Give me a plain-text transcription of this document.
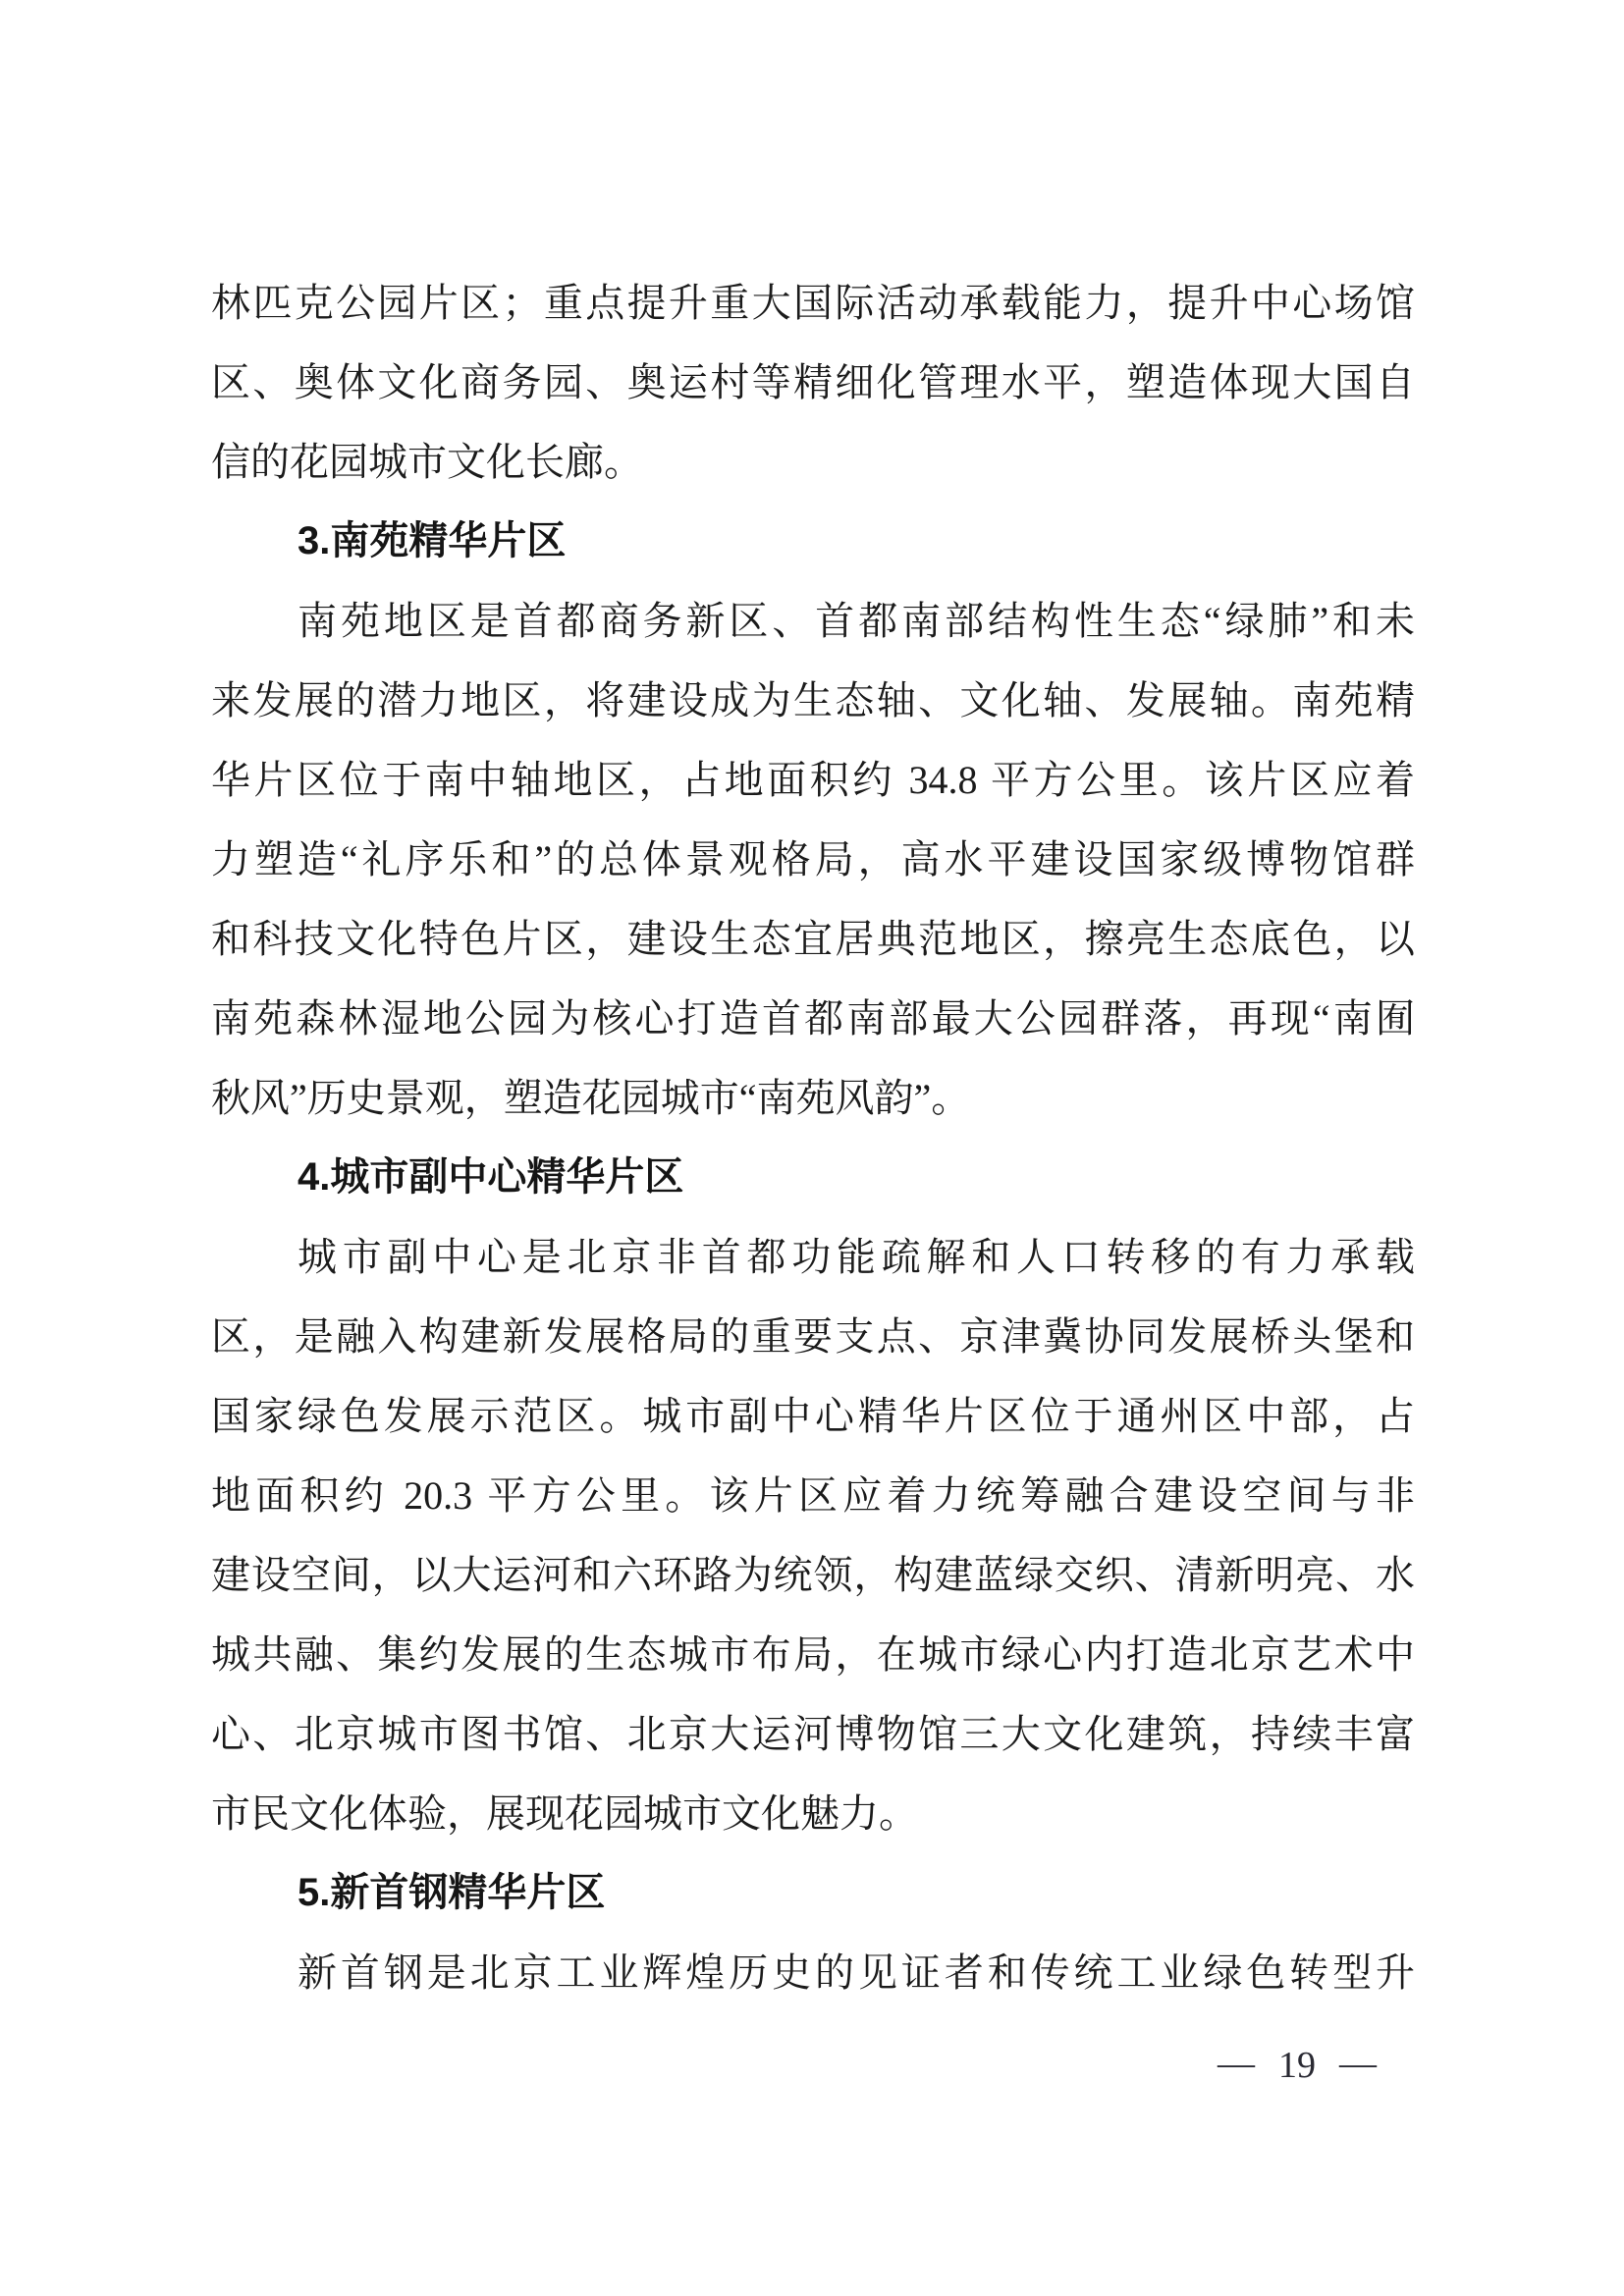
林匹克公园片区；重点提升重大国际活动承载能力，提升中心场馆

区、奥体文化商务园、奥运村等精细化管理水平，塑造体现大国自

信的花园城市文化长廊。

3.南苑精华片区

南苑地区是首都商务新区、首都南部结构性生态“绿肺”和未

来发展的潜力地区，将建设成为生态轴、文化轴、发展轴。南苑精

华片区位于南中轴地区，占地面积约 34.8 平方公里。该片区应着

力塑造“礼序乐和”的总体景观格局，高水平建设国家级博物馆群

和科技文化特色片区，建设生态宜居典范地区，擦亮生态底色，以

南苑森林湿地公园为核心打造首都南部最大公园群落，再现“南囿

秋风”历史景观，塑造花园城市“南苑风韵”。

4.城市副中心精华片区

城市副中心是北京非首都功能疏解和人口转移的有力承载

区，是融入构建新发展格局的重要支点、京津冀协同发展桥头堡和

国家绿色发展示范区。城市副中心精华片区位于通州区中部，占

地面积约 20.3 平方公里。该片区应着力统筹融合建设空间与非

建设空间，以大运河和六环路为统领，构建蓝绿交织、清新明亮、水

城共融、集约发展的生态城市布局，在城市绿心内打造北京艺术中

心、北京城市图书馆、北京大运河博物馆三大文化建筑，持续丰富

市民文化体验，展现花园城市文化魅力。

5.新首钢精华片区

新首钢是北京工业辉煌历史的见证者和传统工业绿色转型升

— 19 —
